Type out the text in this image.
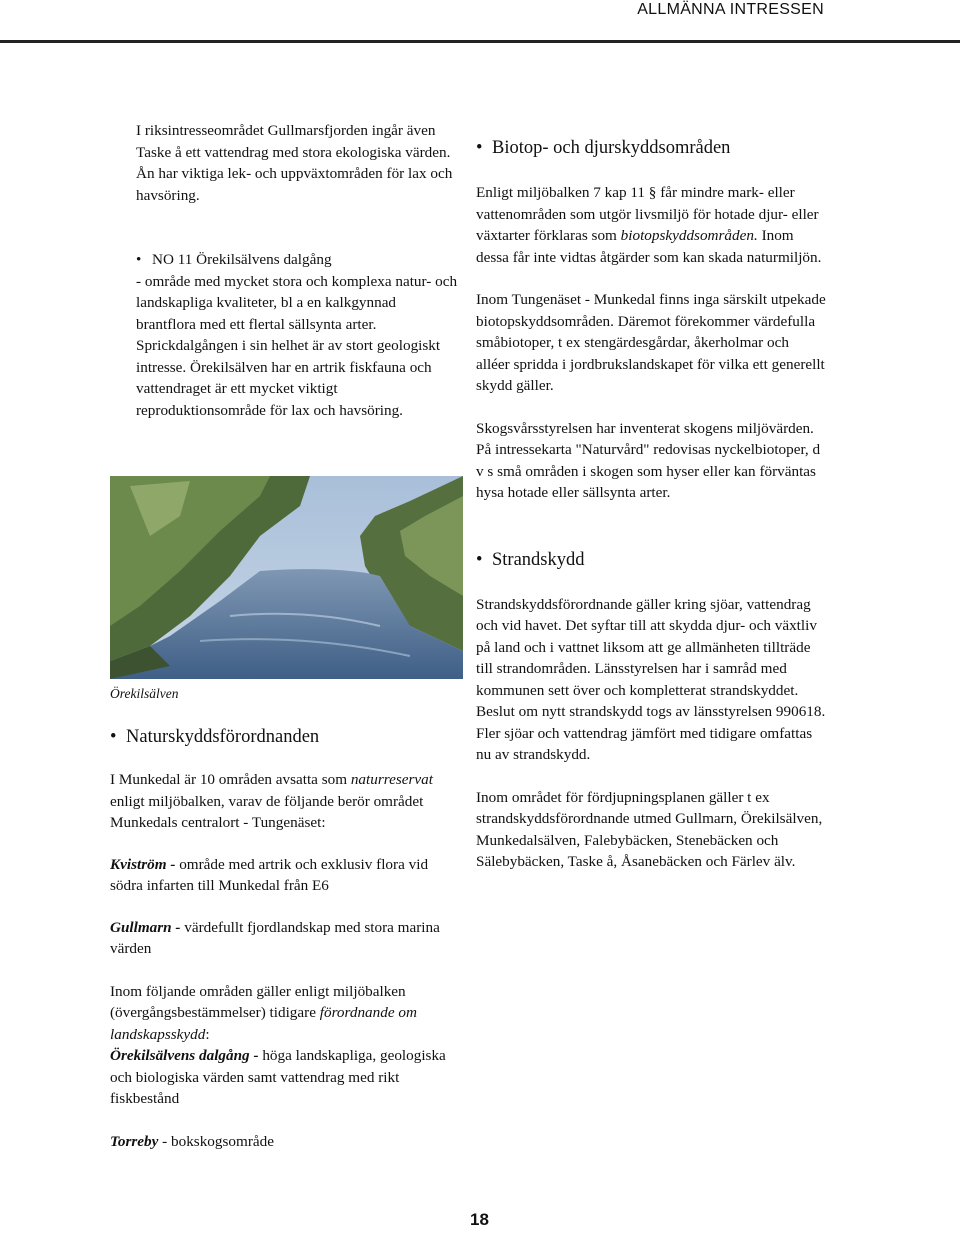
ALLMÄNNA INTRESSEN

I riksintresseområdet Gullmarsfjorden ingår även Taske å ett vattendrag med stora ekologiska värden. Ån har viktiga lek- och uppväxtområden för lax och havsöring.

• NO 11 Örekilsälvens dalgång

- område med mycket stora och komplexa natur- och landskapliga kvaliteter, bl a en kalkgynnad brantflora med ett flertal sällsynta arter. Sprickdalgången i sin helhet är av stort geologiskt intresse. Örekilsälven har en artrik fiskfauna och vattendraget är ett mycket viktigt reproduktionsområde för lax och havsöring.

Örekilsälven

• Naturskyddsförordnanden

I Munkedal är 10 områden avsatta som naturreservat enligt miljöbalken, varav de följande berör området Munkedals centralort - Tungenäset:

Kviström - område med artrik och exklusiv flora vid södra infarten till Munkedal från E6

Gullmarn - värdefullt fjordlandskap med stora marina värden

Inom följande områden gäller enligt miljöbalken (övergångsbestämmelser) tidigare förordnande om landskapsskydd:

Örekilsälvens dalgång - höga landskapliga, geologiska och biologiska värden samt vattendrag med rikt fiskbestånd

Torreby - bokskogsområde

• Biotop- och djurskyddsområden

Enligt miljöbalken 7 kap 11 § får mindre mark- eller vattenområden som utgör livsmiljö för hotade djur- eller växtarter förklaras som biotopskyddsområden. Inom dessa får inte vidtas åtgärder som kan skada naturmiljön.

Inom Tungenäset - Munkedal finns inga särskilt utpekade biotopskyddsområden. Däremot förekommer värdefulla småbiotoper, t ex stengärdesgårdar, åkerholmar och alléer spridda i jordbrukslandskapet för vilka ett generellt skydd gäller.

Skogsvårsstyrelsen har inventerat skogens miljövärden. På intressekarta "Naturvård" redovisas nyckelbiotoper, d v s små områden i skogen som hyser eller kan förväntas hysa hotade eller sällsynta arter.

• Strandskydd

Strandskyddsförordnande gäller kring sjöar, vattendrag och vid havet. Det syftar till att skydda djur- och växtliv på land och i vattnet liksom att ge allmänheten tillträde till strandområden. Länsstyrelsen har i samråd med kommunen sett över och kompletterat strandskyddet. Beslut om nytt strandskydd togs av länsstyrelsen 990618. Fler sjöar och vattendrag jämfört med tidigare omfattas nu av strandskydd.

Inom området för fördjupningsplanen gäller t ex strandskyddsförordnande utmed Gullmarn, Örekilsälven, Munkedalsälven, Falebybäcken, Stenebäcken och Sälebybäcken, Taske å, Åsanebäcken och Färlev älv.

18
